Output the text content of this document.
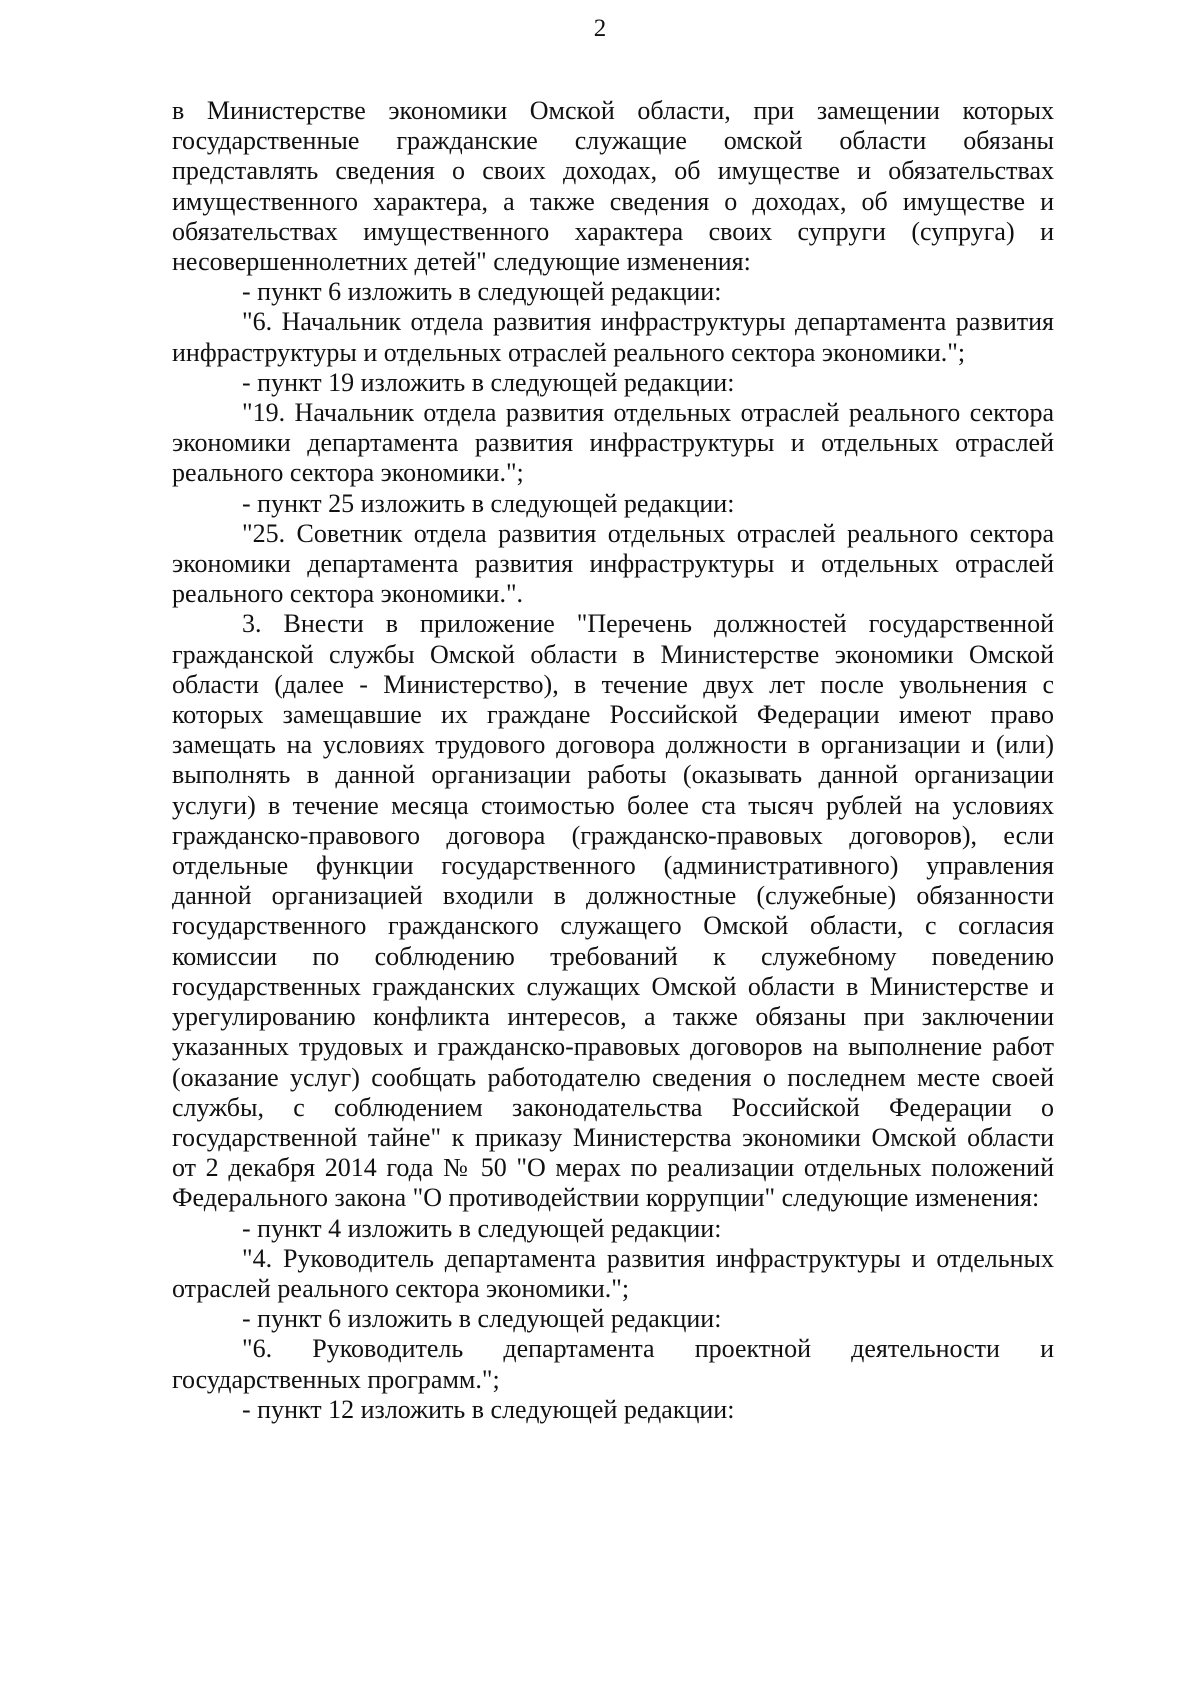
2

в Министерстве экономики Омской области, при замещении которых государственные гражданские служащие омской области обязаны представлять сведения о своих доходах, об имуществе и обязательствах имущественного характера, а также сведения о доходах, об имуществе и обязательствах имущественного характера своих супруги (супруга) и несовершеннолетних детей" следующие изменения:

- пункт 6 изложить в следующей редакции:

"6. Начальник отдела развития инфраструктуры департамента развития инфраструктуры и отдельных отраслей реального сектора экономики.";

- пункт 19 изложить в следующей редакции:

"19. Начальник отдела развития отдельных отраслей реального сектора экономики департамента развития инфраструктуры и отдельных отраслей реального сектора экономики.";

- пункт 25 изложить в следующей редакции:

"25. Советник отдела развития отдельных отраслей реального сектора экономики департамента развития инфраструктуры и отдельных отраслей реального сектора экономики.".

3. Внести в приложение "Перечень должностей государственной гражданской службы Омской области в Министерстве экономики Омской области (далее - Министерство), в течение двух лет после увольнения с которых замещавшие их граждане Российской Федерации имеют право замещать на условиях трудового договора должности в организации и (или) выполнять в данной организации работы (оказывать данной организации услуги) в течение месяца стоимостью более ста тысяч рублей на условиях гражданско-правового договора (гражданско-правовых договоров), если отдельные функции государственного (административного) управления данной организацией входили в должностные (служебные) обязанности государственного гражданского служащего Омской области, с согласия комиссии по соблюдению требований к служебному поведению государственных гражданских служащих Омской области в Министерстве и урегулированию конфликта интересов, а также обязаны при заключении указанных трудовых и гражданско-правовых договоров на выполнение работ (оказание услуг) сообщать работодателю сведения о последнем месте своей службы, с соблюдением законодательства Российской Федерации о государственной тайне" к приказу Министерства экономики Омской области от 2 декабря 2014 года № 50 "О мерах по реализации отдельных положений Федерального закона "О противодействии коррупции" следующие изменения:

- пункт 4 изложить в следующей редакции:

"4. Руководитель департамента развития инфраструктуры и отдельных отраслей реального сектора экономики.";

- пункт 6 изложить в следующей редакции:

"6. Руководитель департамента проектной деятельности и государственных программ.";

- пункт 12 изложить в следующей редакции:
